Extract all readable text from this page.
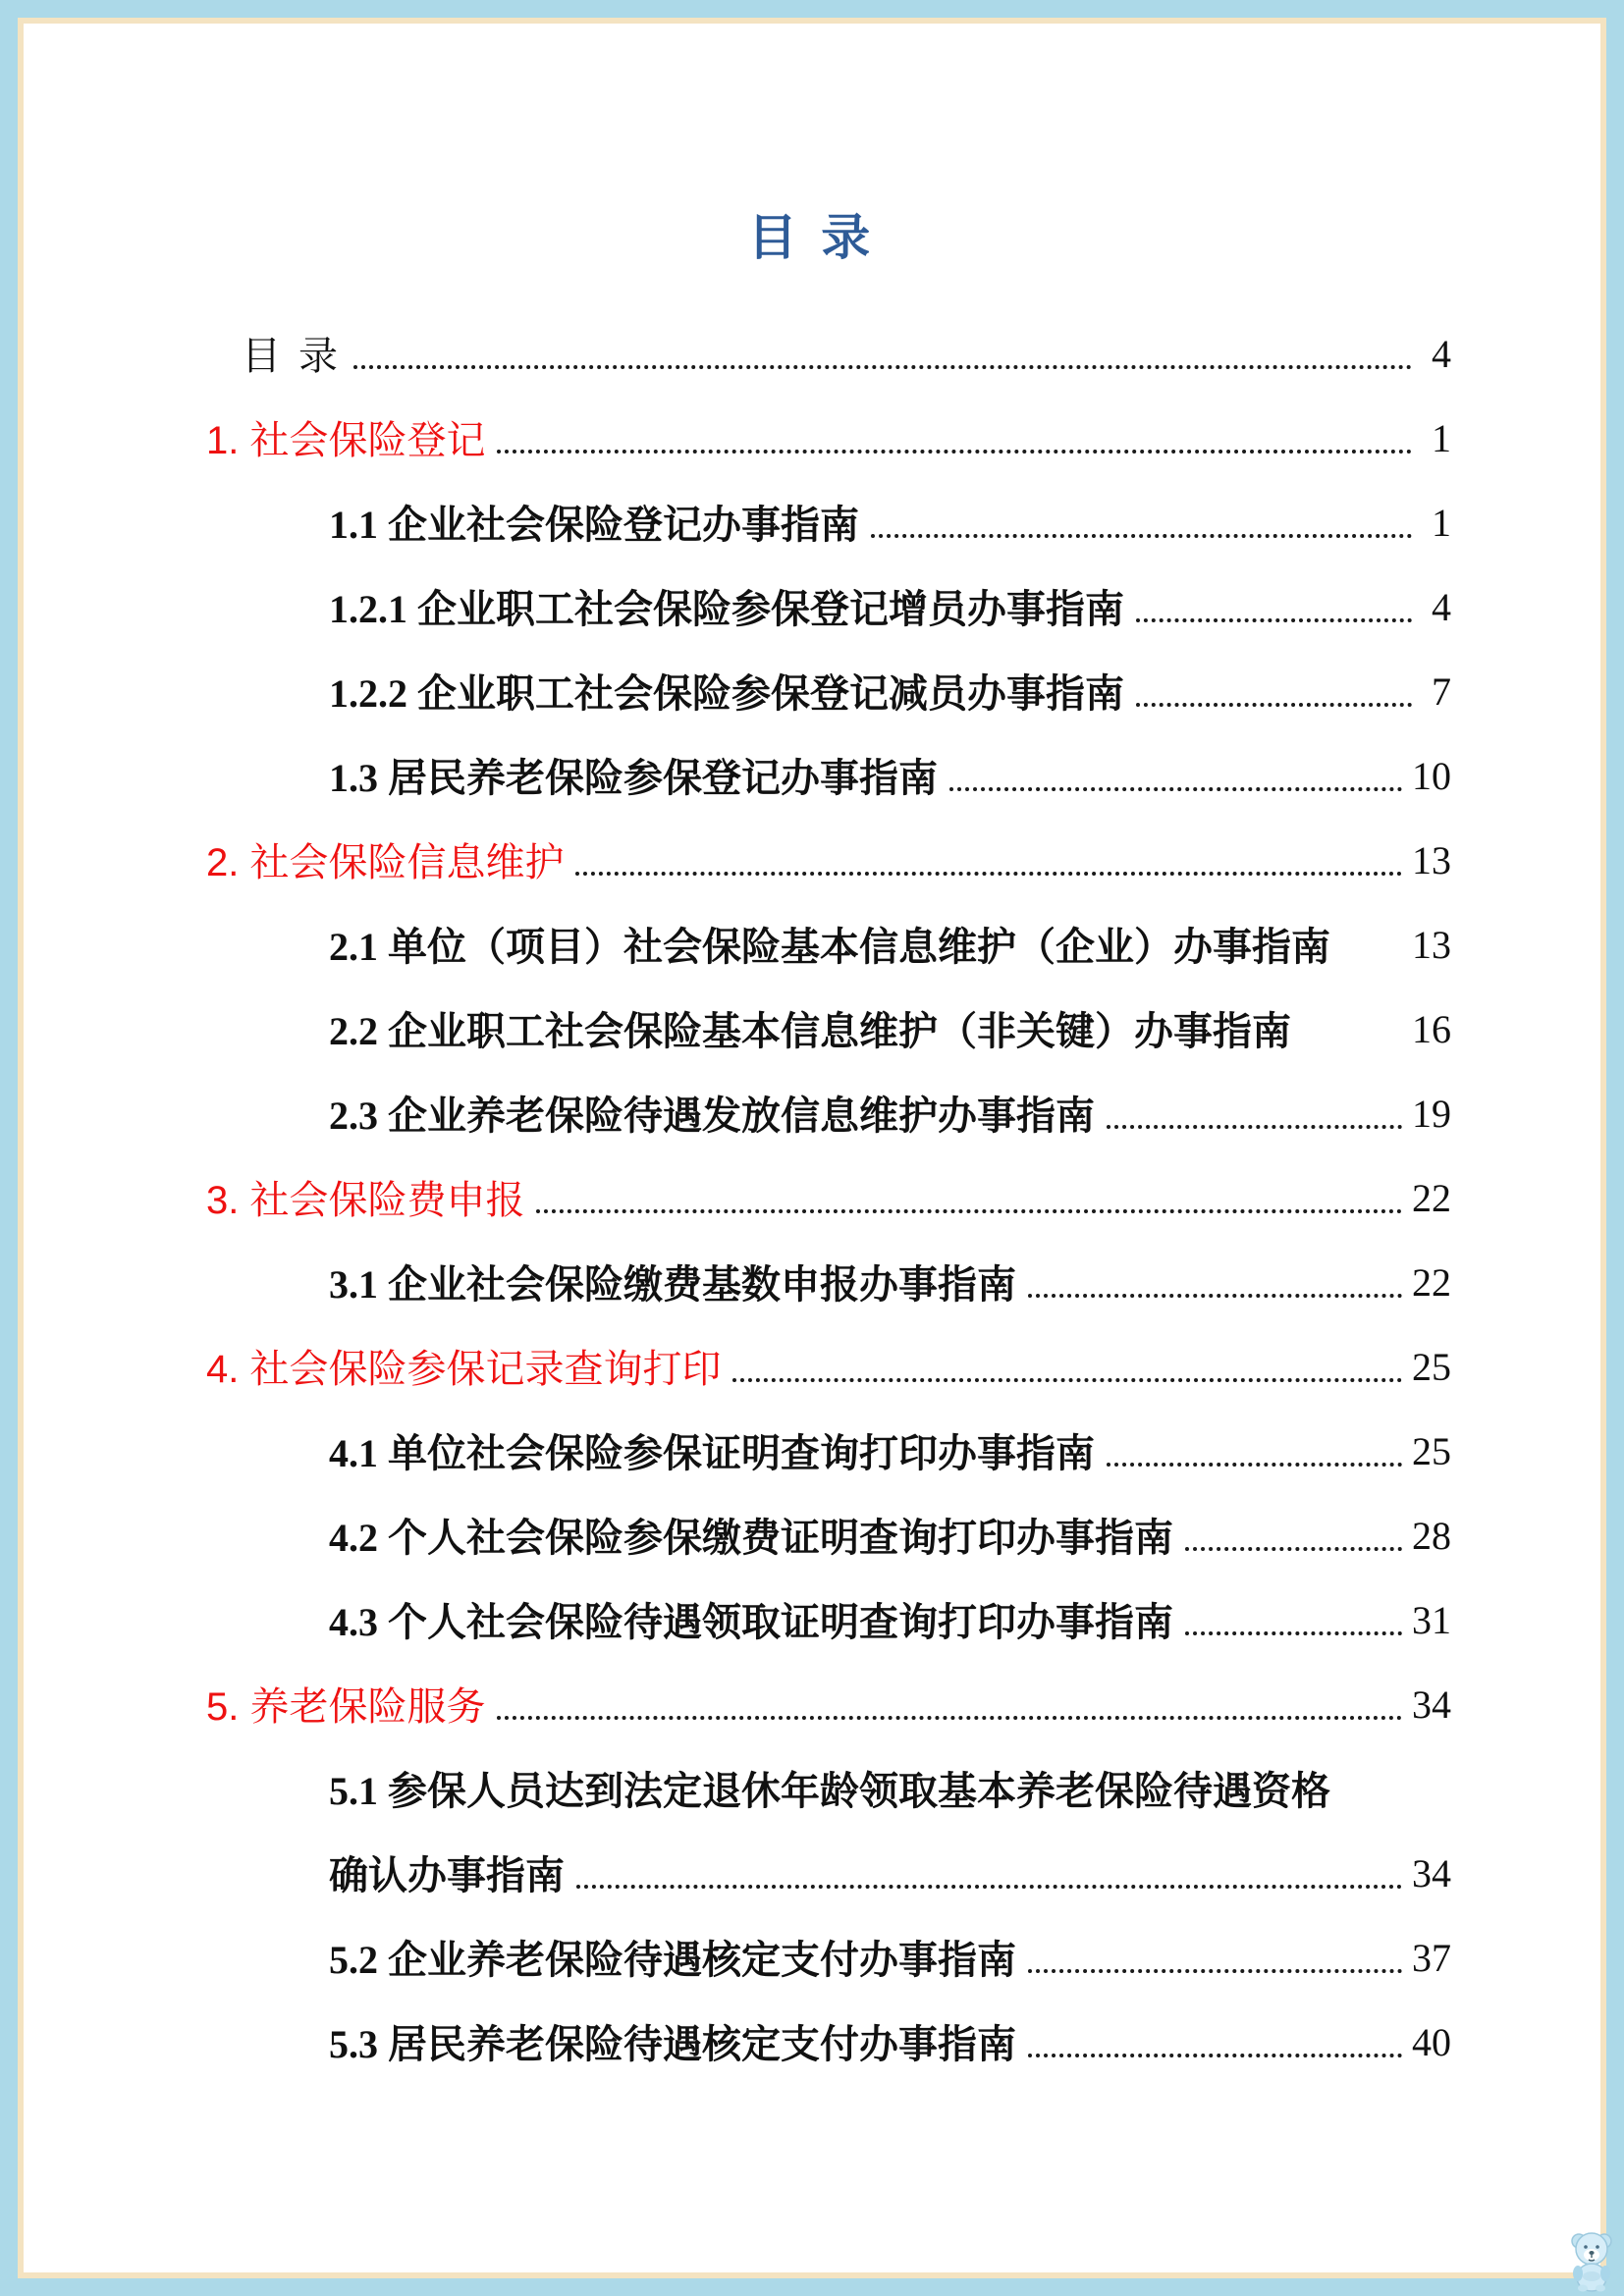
目 录
目 录	4
1. 社会保险登记	1
1.1 企业社会保险登记办事指南	1
1.2.1 企业职工社会保险参保登记增员办事指南	4
1.2.2 企业职工社会保险参保登记减员办事指南	7
1.3 居民养老保险参保登记办事指南	10
2. 社会保险信息维护	13
2.1 单位（项目）社会保险基本信息维护（企业）办事指南 13
2.2 企业职工社会保险基本信息维护（非关键）办事指南	16
2.3 企业养老保险待遇发放信息维护办事指南	19
3. 社会保险费申报	22
3.1 企业社会保险缴费基数申报办事指南	22
4. 社会保险参保记录查询打印	25
4.1 单位社会保险参保证明查询打印办事指南	25
4.2 个人社会保险参保缴费证明查询打印办事指南	28
4.3 个人社会保险待遇领取证明查询打印办事指南	31
5. 养老保险服务	34
5.1 参保人员达到法定退休年龄领取基本养老保险待遇资格
确认办事指南	34
5.2 企业养老保险待遇核定支付办事指南	37
5.3 居民养老保险待遇核定支付办事指南	40
